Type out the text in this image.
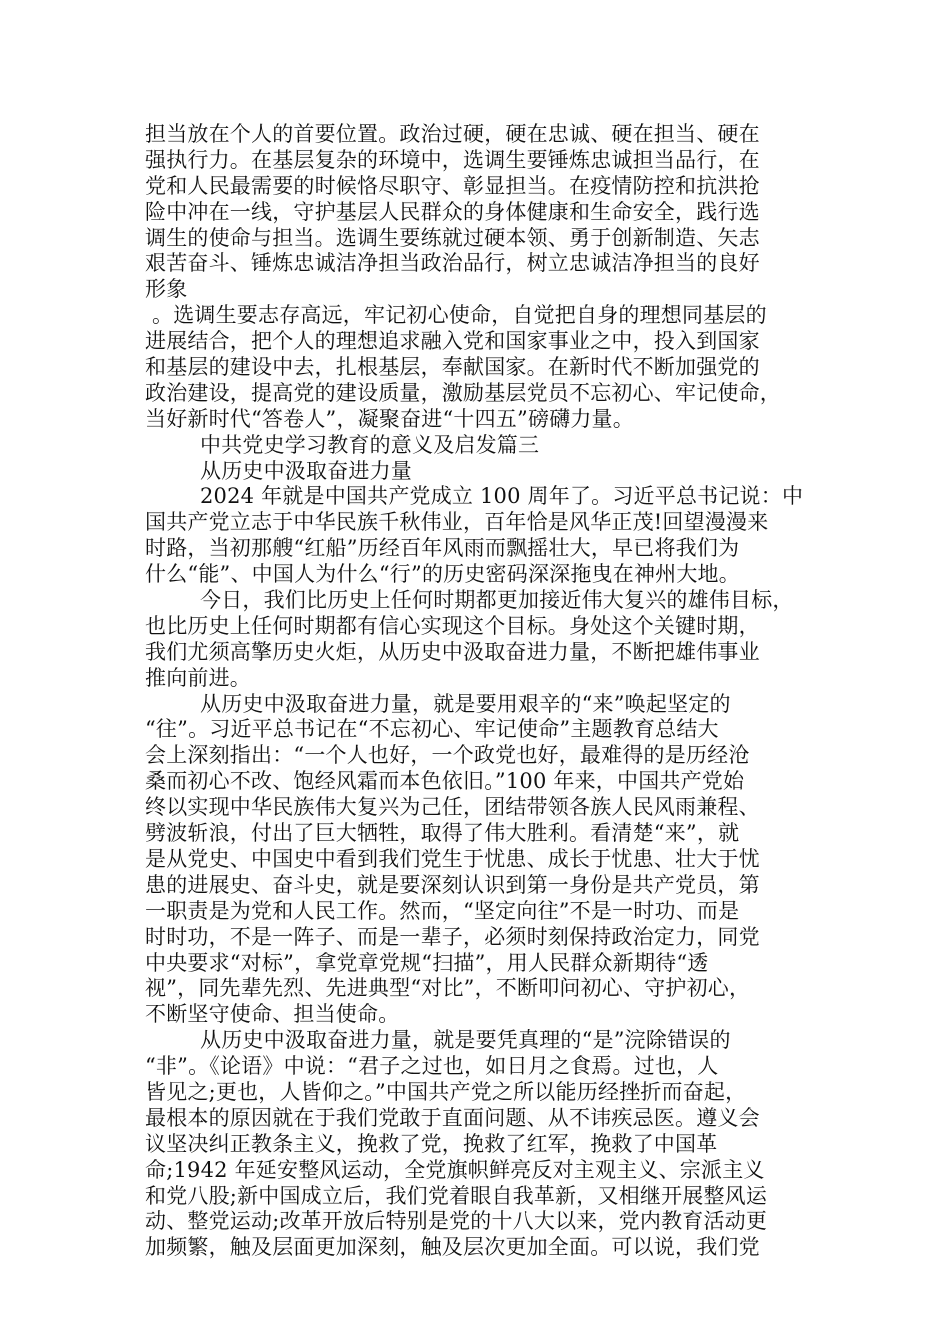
担当放在个人的首要位置。政治过硬，硬在忠诚、硬在担当、硬在
强执行力。在基层复杂的环境中，选调生要锤炼忠诚担当品行，在
党和人民最需要的时候恪尽职守、彰显担当。在疫情防控和抗洪抢
险中冲在一线，守护基层人民群众的身体健康和生命安全，践行选
调生的使命与担当。选调生要练就过硬本领、勇于创新制造、矢志
艰苦奋斗、锤炼忠诚洁净担当政治品行，树立忠诚洁净担当的良好
形象
。选调生要志存高远，牢记初心使命，自觉把自身的理想同基层的
进展结合，把个人的理想追求融入党和国家事业之中，投入到国家
和基层的建设中去，扎根基层，奉献国家。在新时代不断加强党的
政治建设，提高党的建设质量，激励基层党员不忘初心、牢记使命，
当好新时代“答卷人”，凝聚奋进“十四五”磅礴力量。
中共党史学习教育的意义及启发篇三
从历史中汲取奋进力量
2024 年就是中国共产党成立 100 周年了。习近平总书记说：中
国共产党立志于中华民族千秋伟业，百年恰是风华正茂!回望漫漫来
时路，当初那艘“红船”历经百年风雨而飘摇壮大，早已将我们为
什么“能”、中国人为什么“行”的历史密码深深拖曳在神州大地。
今日，我们比历史上任何时期都更加接近伟大复兴的雄伟目标，
也比历史上任何时期都有信心实现这个目标。身处这个关键时期，
我们尤须高擎历史火炬，从历史中汲取奋进力量，不断把雄伟事业
推向前进。
从历史中汲取奋进力量，就是要用艰辛的“来”唤起坚定的
“往”。习近平总书记在“不忘初心、牢记使命”主题教育总结大
会上深刻指出：“一个人也好，一个政党也好，最难得的是历经沧
桑而初心不改、饱经风霜而本色依旧。”100 年来，中国共产党始
终以实现中华民族伟大复兴为己任，团结带领各族人民风雨兼程、
劈波斩浪，付出了巨大牺牲，取得了伟大胜利。看清楚“来”，就
是从党史、中国史中看到我们党生于忧患、成长于忧患、壮大于忧
患的进展史、奋斗史，就是要深刻认识到第一身份是共产党员，第
一职责是为党和人民工作。然而，“坚定向往”不是一时功、而是
时时功，不是一阵子、而是一辈子，必须时刻保持政治定力，同党
中央要求“对标”，拿党章党规“扫描”，用人民群众新期待“透
视”，同先辈先烈、先进典型“对比”，不断叩问初心、守护初心，
不断坚守使命、担当使命。
从历史中汲取奋进力量，就是要凭真理的“是”浣除错误的
“非”。《论语》中说：“君子之过也，如日月之食焉。过也，人
皆见之;更也，人皆仰之。”中国共产党之所以能历经挫折而奋起，
最根本的原因就在于我们党敢于直面问题、从不讳疾忌医。遵义会
议坚决纠正教条主义，挽救了党，挽救了红军，挽救了中国革
命;1942 年延安整风运动，全党旗帜鲜亮反对主观主义、宗派主义
和党八股;新中国成立后，我们党着眼自我革新，又相继开展整风运
动、整党运动;改革开放后特别是党的十八大以来，党内教育活动更
加频繁，触及层面更加深刻，触及层次更加全面。可以说，我们党
